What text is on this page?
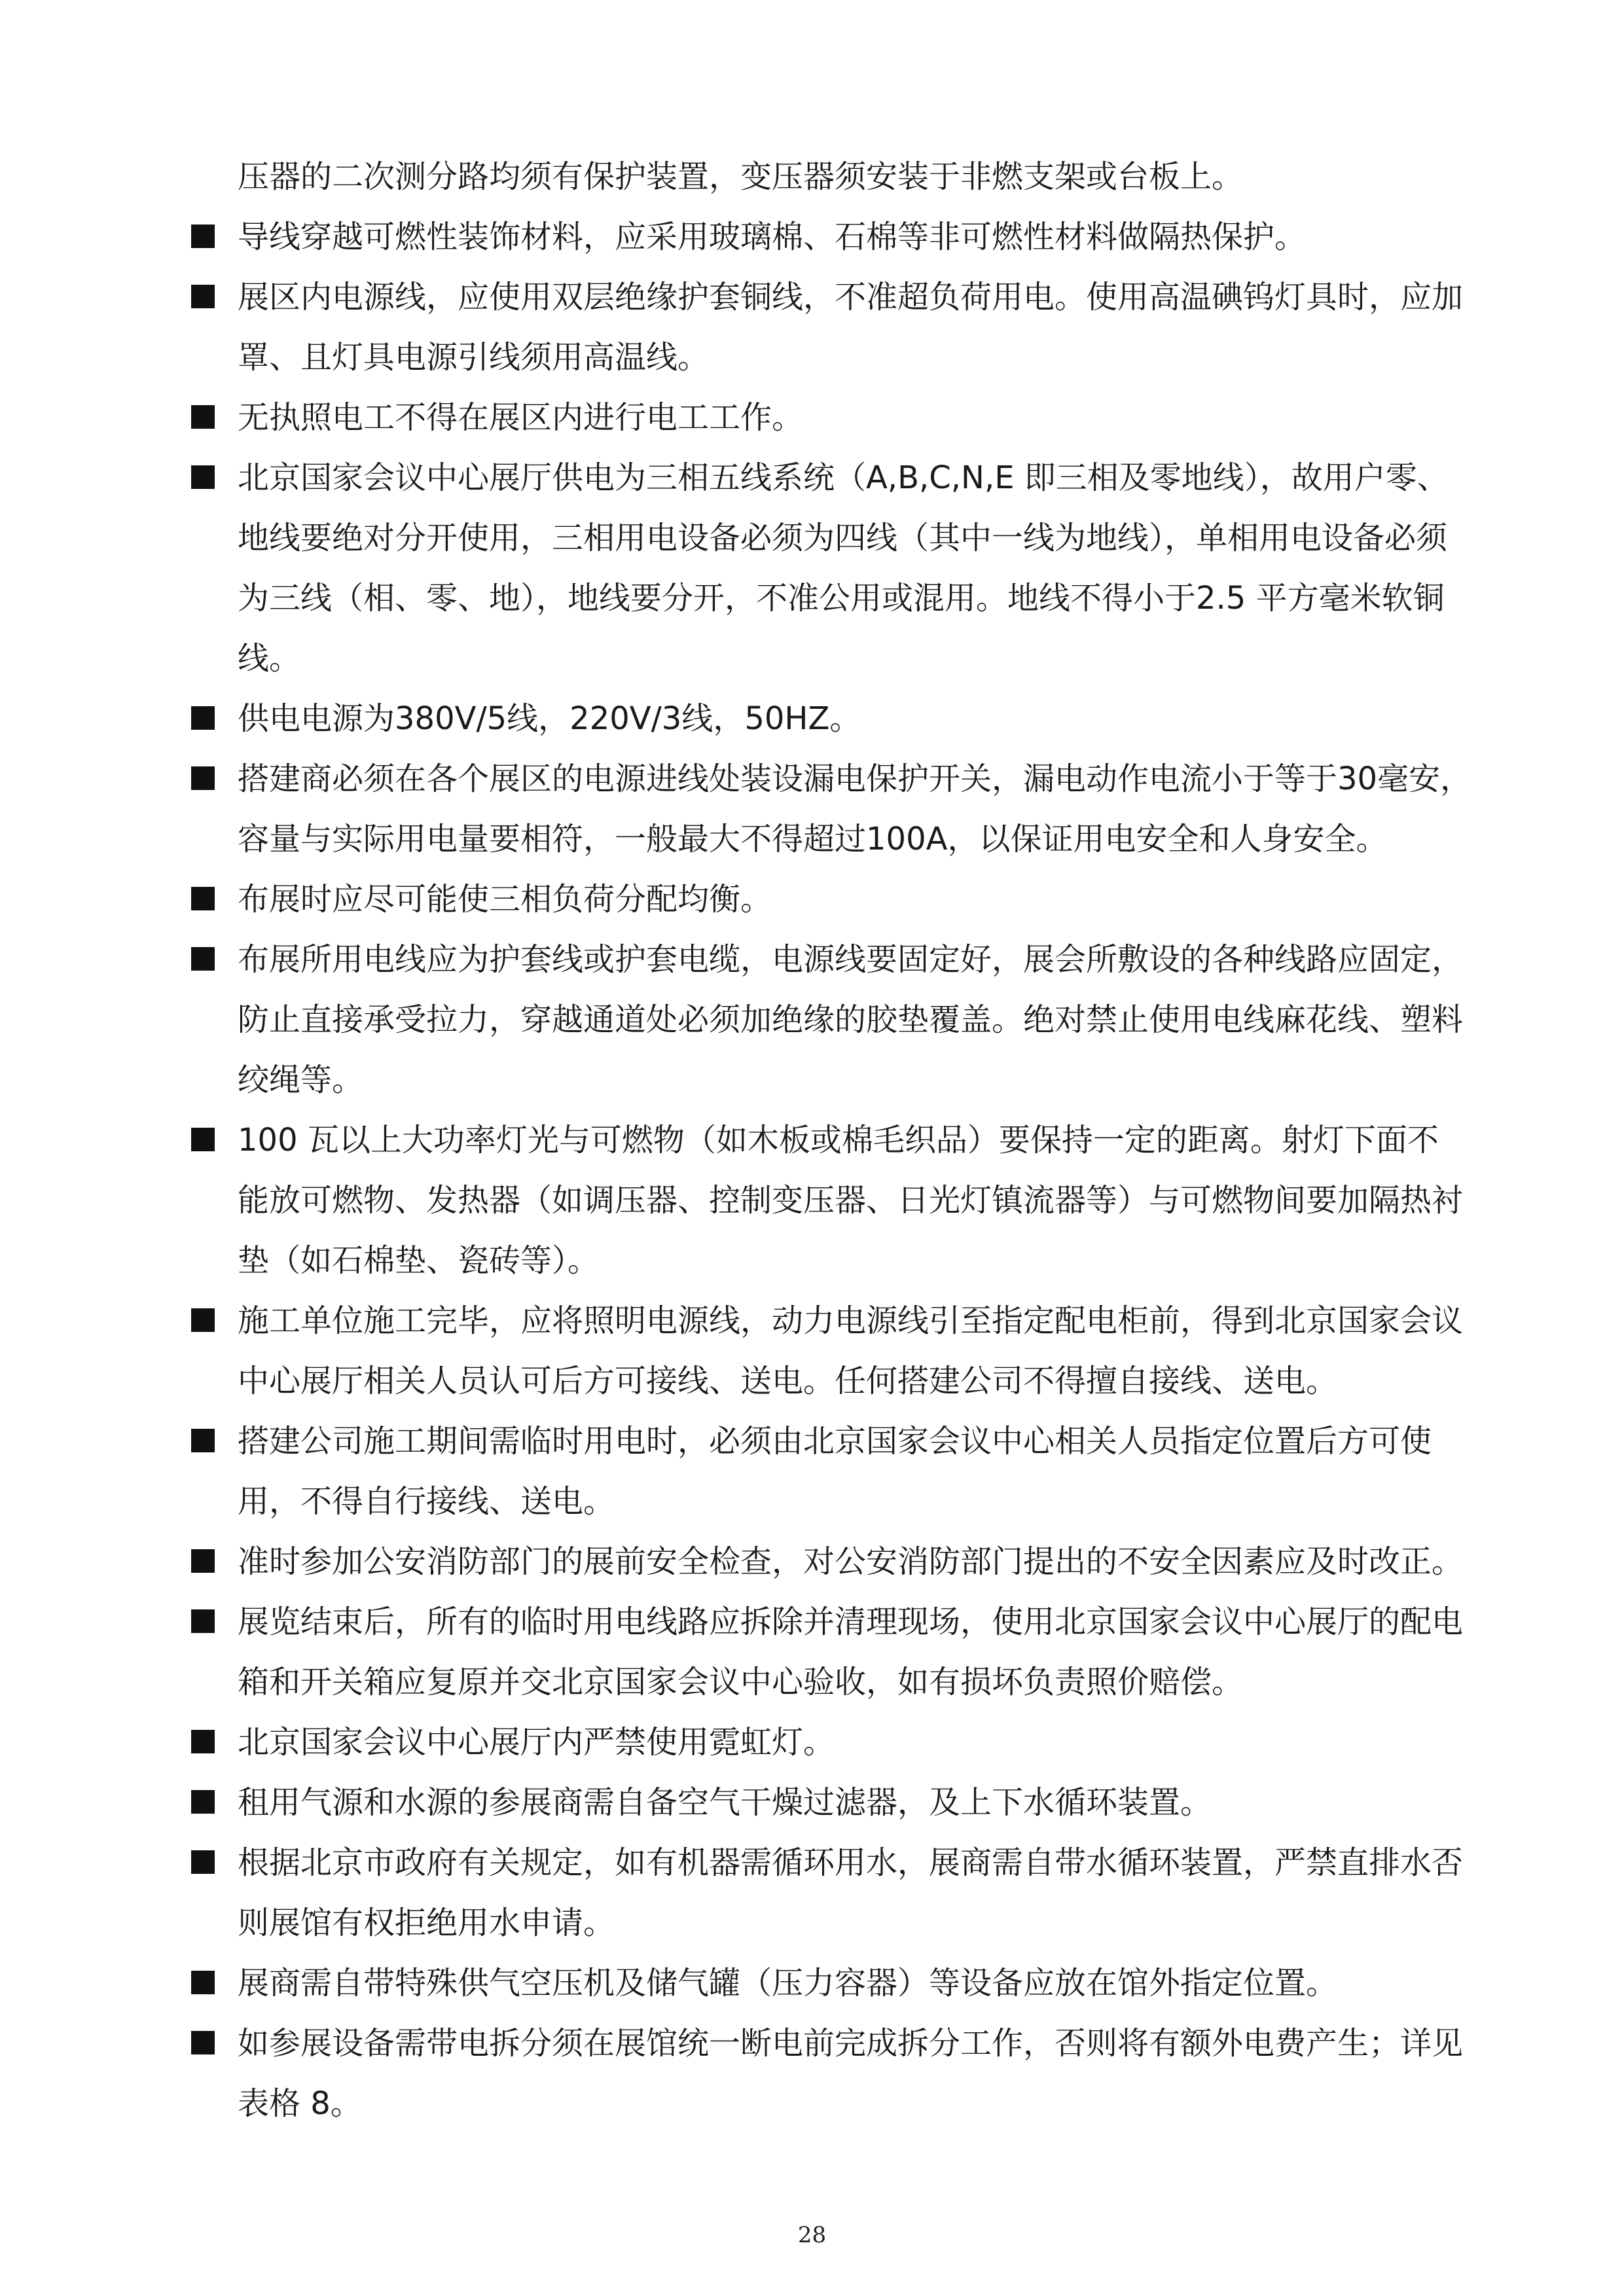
压器的二次测分路均须有保护装置，变压器须安装于非燃支架或台板上。
导线穿越可燃性装饰材料，应采用玻璃棉、石棉等非可燃性材料做隔热保护。
展区内电源线，应使用双层绝缘护套铜线，不准超负荷用电。使用高温碘钨灯具时，应加
罩、且灯具电源引线须用高温线。
无执照电工不得在展区内进行电工工作。
北京国家会议中心展厅供电为三相五线系统（A,B,C,N,E 即三相及零地线），故用户零、
地线要绝对分开使用，三相用电设备必须为四线（其中一线为地线），单相用电设备必须
为三线（相、零、地），地线要分开，不准公用或混用。地线不得小于2.5 平方毫米软铜
线。
供电电源为380V/5线，220V/3线，50HZ。
搭建商必须在各个展区的电源进线处装设漏电保护开关，漏电动作电流小于等于30毫安，
容量与实际用电量要相符，一般最大不得超过100A，以保证用电安全和人身安全。
布展时应尽可能使三相负荷分配均衡。
布展所用电线应为护套线或护套电缆，电源线要固定好，展会所敷设的各种线路应固定，
防止直接承受拉力，穿越通道处必须加绝缘的胶垫覆盖。绝对禁止使用电线麻花线、塑料
绞绳等。
100 瓦以上大功率灯光与可燃物（如木板或棉毛织品）要保持一定的距离。射灯下面不
能放可燃物、发热器（如调压器、控制变压器、日光灯镇流器等）与可燃物间要加隔热衬
垫（如石棉垫、瓷砖等）。
施工单位施工完毕，应将照明电源线，动力电源线引至指定配电柜前，得到北京国家会议
中心展厅相关人员认可后方可接线、送电。任何搭建公司不得擅自接线、送电。
搭建公司施工期间需临时用电时，必须由北京国家会议中心相关人员指定位置后方可使
用，不得自行接线、送电。
准时参加公安消防部门的展前安全检查，对公安消防部门提出的不安全因素应及时改正。
展览结束后，所有的临时用电线路应拆除并清理现场，使用北京国家会议中心展厅的配电
箱和开关箱应复原并交北京国家会议中心验收，如有损坏负责照价赔偿。
北京国家会议中心展厅内严禁使用霓虹灯。
租用气源和水源的参展商需自备空气干燥过滤器，及上下水循环装置。
根据北京市政府有关规定，如有机器需循环用水，展商需自带水循环装置，严禁直排水否
则展馆有权拒绝用水申请。
展商需自带特殊供气空压机及储气罐（压力容器）等设备应放在馆外指定位置。
如参展设备需带电拆分须在展馆统一断电前完成拆分工作，否则将有额外电费产生；详见
表格 8。
28
